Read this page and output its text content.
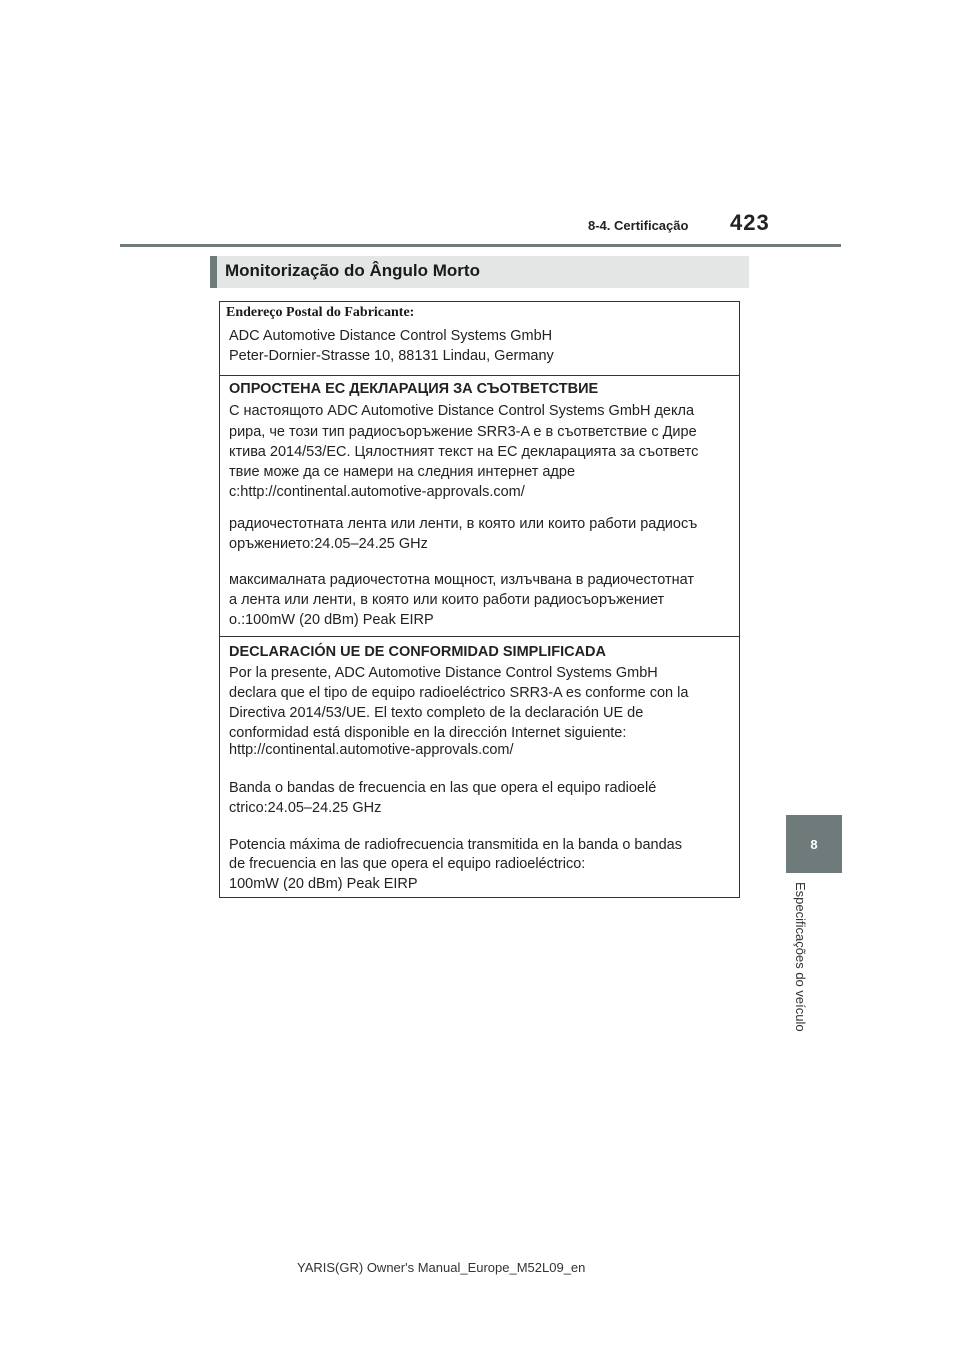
8-4. Certificação 423
Monitorização do Ângulo Morto
Endereço Postal do Fabricante:
ADC Automotive Distance Control Systems GmbH
Peter-Dornier-Strasse 10, 88131 Lindau, Germany
ОПРОСТЕНА ЕС ДЕКЛАРАЦИЯ ЗА СЪОТВЕТСТВИЕ
С настоящото ADC Automotive Distance Control Systems GmbH декла
рира, че този тип радиосъоръжение SRR3-A е в съответствие с Дире
ктива 2014/53/ЕС. Цялостният текст на ЕС декларацията за съответс
твие може да се намери на следния интернет адре
с:http://continental.automotive-approvals.com/
радиочестотната лента или ленти, в която или които работи радиосъ
оръжението:24.05–24.25 GHz
максималната радиочестотна мощност, излъчвана в радиочестотнат
а лента или ленти, в която или които работи радиосъоръжениет
о.:100mW (20 dBm) Peak EIRP
DECLARACIÓN UE DE CONFORMIDAD SIMPLIFICADA
Por la presente, ADC Automotive Distance Control Systems GmbH
declara que el tipo de equipo radioeléctrico SRR3-A es conforme con la
Directiva 2014/53/UE. El texto completo de la declaración UE de
conformidad está disponible en la dirección Internet siguiente:
http://continental.automotive-approvals.com/
Banda o bandas de frecuencia en las que opera el equipo radioelé
ctrico:24.05–24.25 GHz
Potencia máxima de radiofrecuencia transmitida en la banda o bandas
de frecuencia en las que opera el equipo radioeléctrico:
100mW (20 dBm) Peak EIRP
8
Especificações do veículo
YARIS(GR) Owner's Manual_Europe_M52L09_en
